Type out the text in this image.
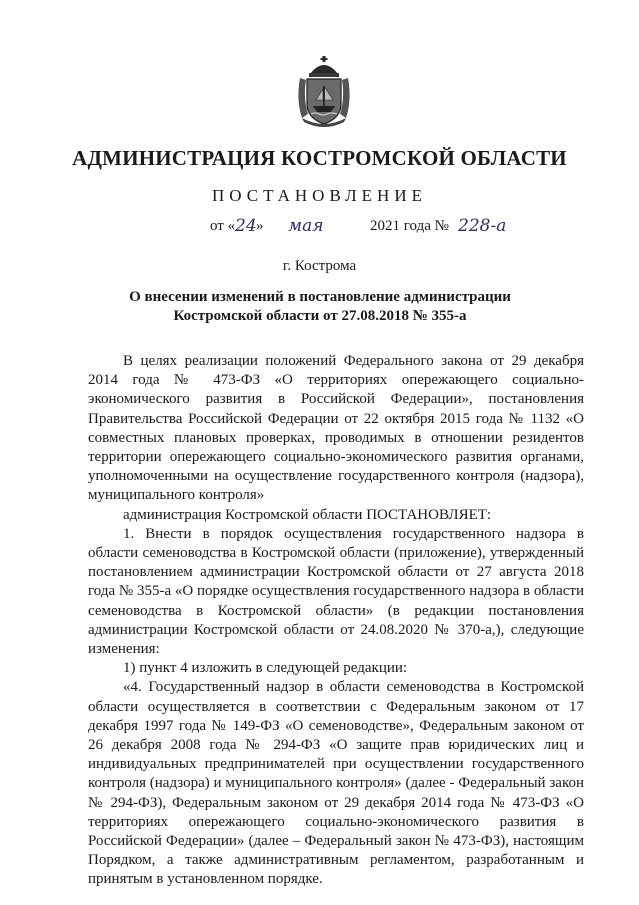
АДМИНИСТРАЦИЯ КОСТРОМСКОЙ ОБЛАСТИ
ПОСТАНОВЛЕНИЕ
от « 24 » мая	2021 года № 228-а
г. Кострома
О внесении изменений в постановление администрации
Костромской области от 27.08.2018 № 355-а

В целях реализации положений Федерального закона от 29 декабря 2014 года № 473-ФЗ «О территориях опережающего социально-экономического развития в Российской Федерации», постановления Правительства Российской Федерации от 22 октября 2015 года № 1132 «О совместных плановых проверках, проводимых в отношении резидентов территории опережающего социально-экономического развития органами, уполномоченными на осуществление государственного контроля (надзора), муниципального контроля»

администрация Костромской области ПОСТАНОВЛЯЕТ:

1. Внести в порядок осуществления государственного надзора в области семеноводства в Костромской области (приложение), утвержденный постановлением администрации Костромской области от 27 августа 2018 года № 355-а «О порядке осуществления государственного надзора в области семеноводства в Костромской области» (в редакции постановления администрации Костромской области от 24.08.2020 № 370-а,), следующие изменения:

1) пункт 4 изложить в следующей редакции:

«4. Государственный надзор в области семеноводства в Костромской области осуществляется в соответствии с Федеральным законом от 17 декабря 1997 года № 149-ФЗ «О семеноводстве», Федеральным законом от 26 декабря 2008 года № 294-ФЗ «О защите прав юридических лиц и индивидуальных предпринимателей при осуществлении государственного контроля (надзора) и муниципального контроля» (далее - Федеральный закон № 294-ФЗ), Федеральным законом от 29 декабря 2014 года № 473-ФЗ «О территориях опережающего социально-экономического развития в Российской Федерации» (далее – Федеральный закон № 473-ФЗ), настоящим Порядком, а также административным регламентом, разработанным и принятым в установленном порядке.
